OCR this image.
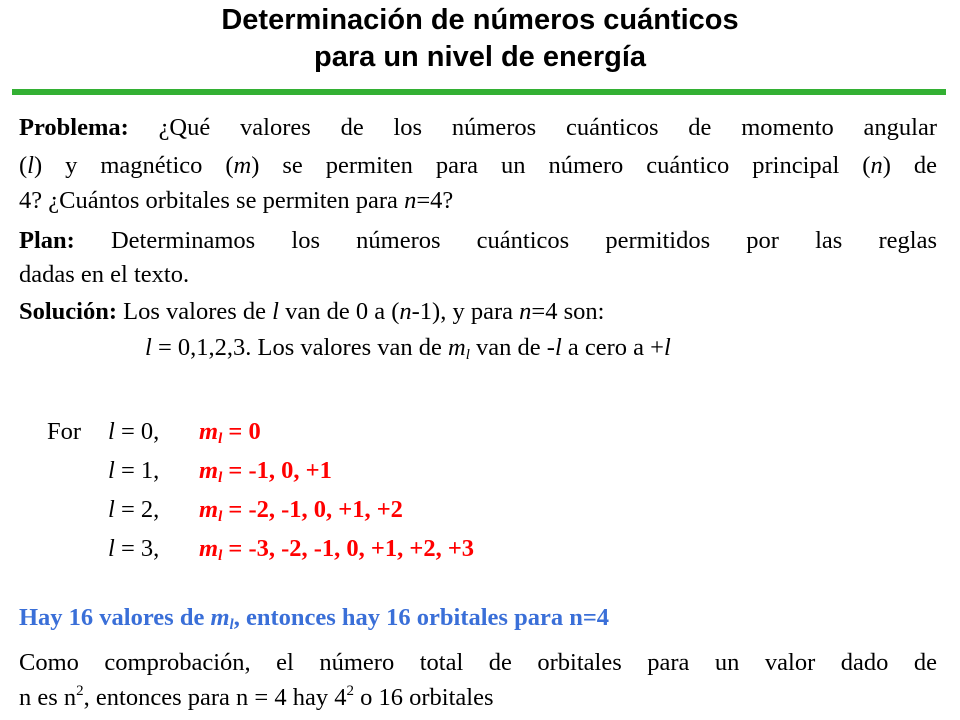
Determinación de números cuánticos
para un nivel de energía
Problema: ¿Qué valores de los números cuánticos de momento angular
(l) y magnético (m) se permiten para un número cuántico principal (n) de
4? ¿Cuántos orbitales se permiten para n=4?
Plan: Determinamos los números cuánticos permitidos por las reglas
dadas en el texto.
Solución: Los valores de l van de 0 a (n-1), y para n=4 son:
l = 0,1,2,3. Los valores van de $m_l$ van de -l a cero a +l
For l = 0, $m_l = 0$
l = 1, $m_l = -1$, 0, +1
l = 2, $m_l = -2$, -1, 0, +1, +2
l = 3, $m_l = -3$, -2, -1, 0, +1, +2, +3
Hay 16 valores de $m_l$, entonces hay 16 orbitales para n=4
Como comprobación, el número total de orbitales para un valor dado de
n es $n^2$, entonces para n = 4 hay $4^2$ o 16 orbitales
